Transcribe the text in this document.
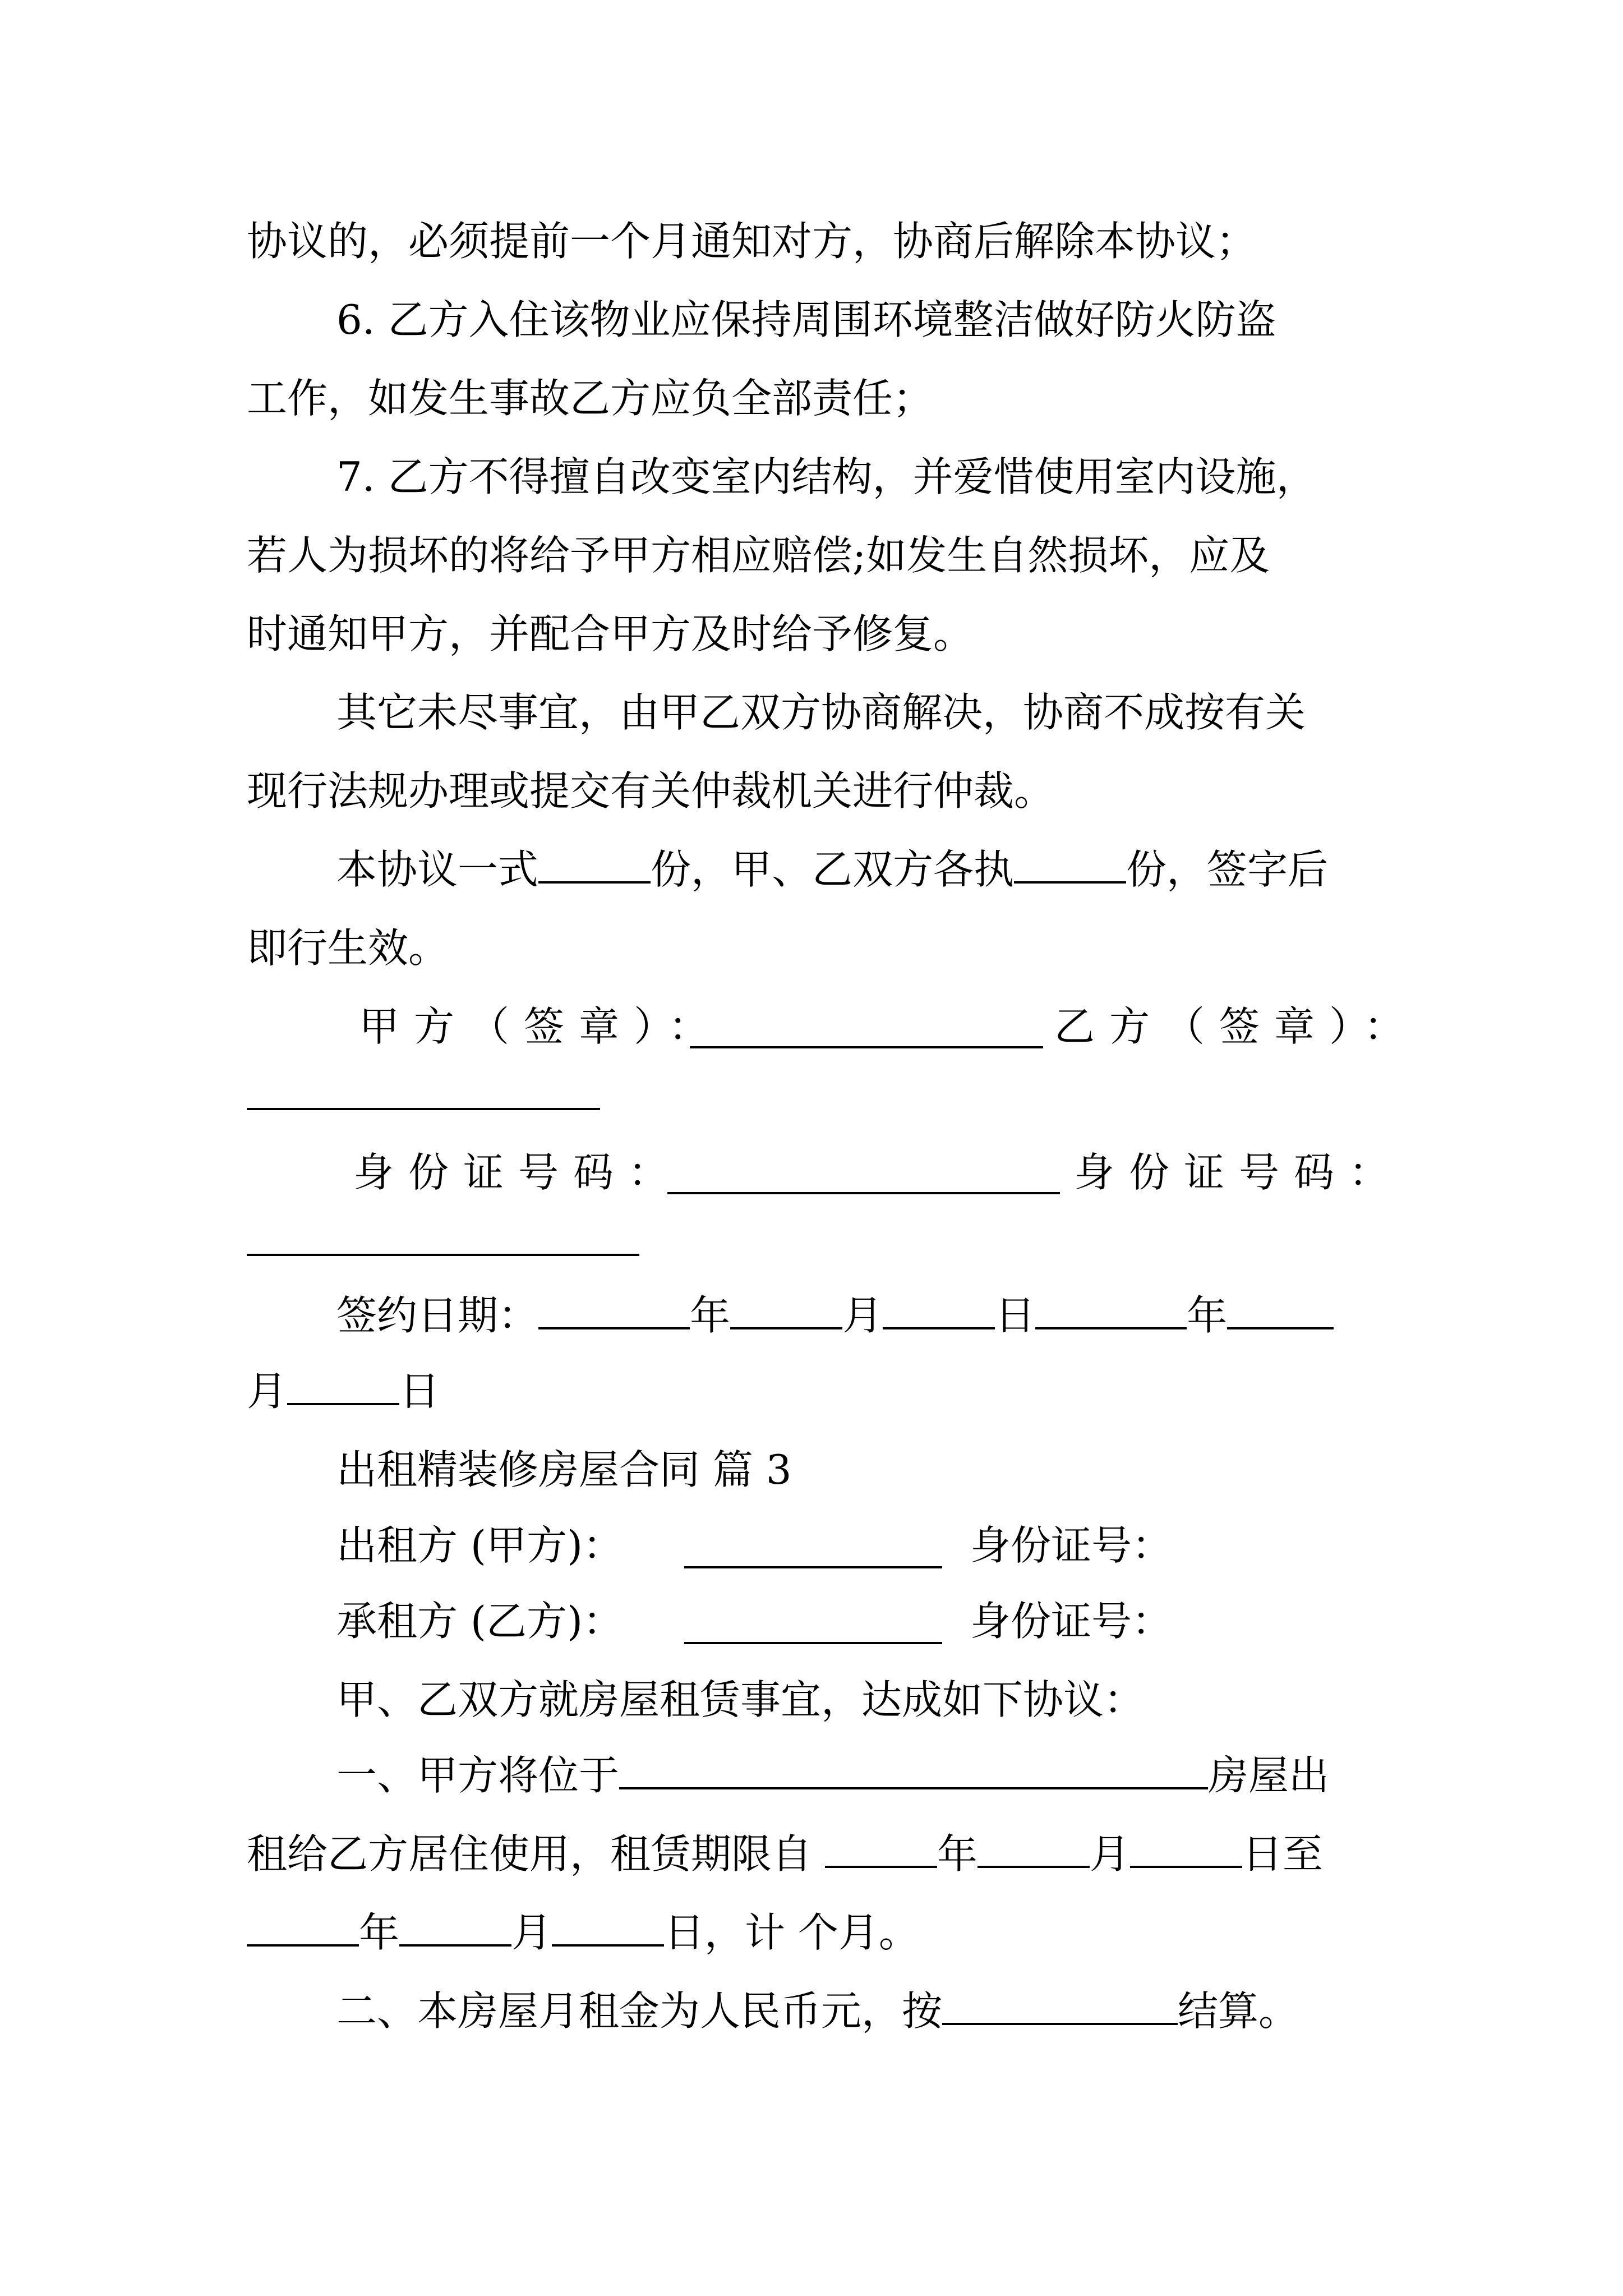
协议的，必须提前一个月通知对方，协商后解除本协议；

6. 乙方入住该物业应保持周围环境整洁做好防火防盗

工作，如发生事故乙方应负全部责任；

7. 乙方不得擅自改变室内结构，并爱惜使用室内设施，

若人为损坏的将给予甲方相应赔偿;如发生自然损坏，应及

时通知甲方，并配合甲方及时给予修复。

其它未尽事宜，由甲乙双方协商解决，协商不成按有关

现行法规办理或提交有关仲裁机关进行仲裁。

本协议一式	份，甲、乙双方各执	份，签字后

即行生效。

甲方（签章）：	乙方（签章）：

身份证号码：	身份证号码：

签约日期：	年	月	日	年

月	日

出租精装修房屋合同 篇 3

出租方 (甲方)：	身份证号：

承租方 (乙方)：	身份证号：

甲、乙双方就房屋租赁事宜，达成如下协议：

一、甲方将位于	房屋出

租给乙方居住使用，租赁期限自	年	月	日至

年	月	日，计 个月。

二、本房屋月租金为人民币元，按	结算。
